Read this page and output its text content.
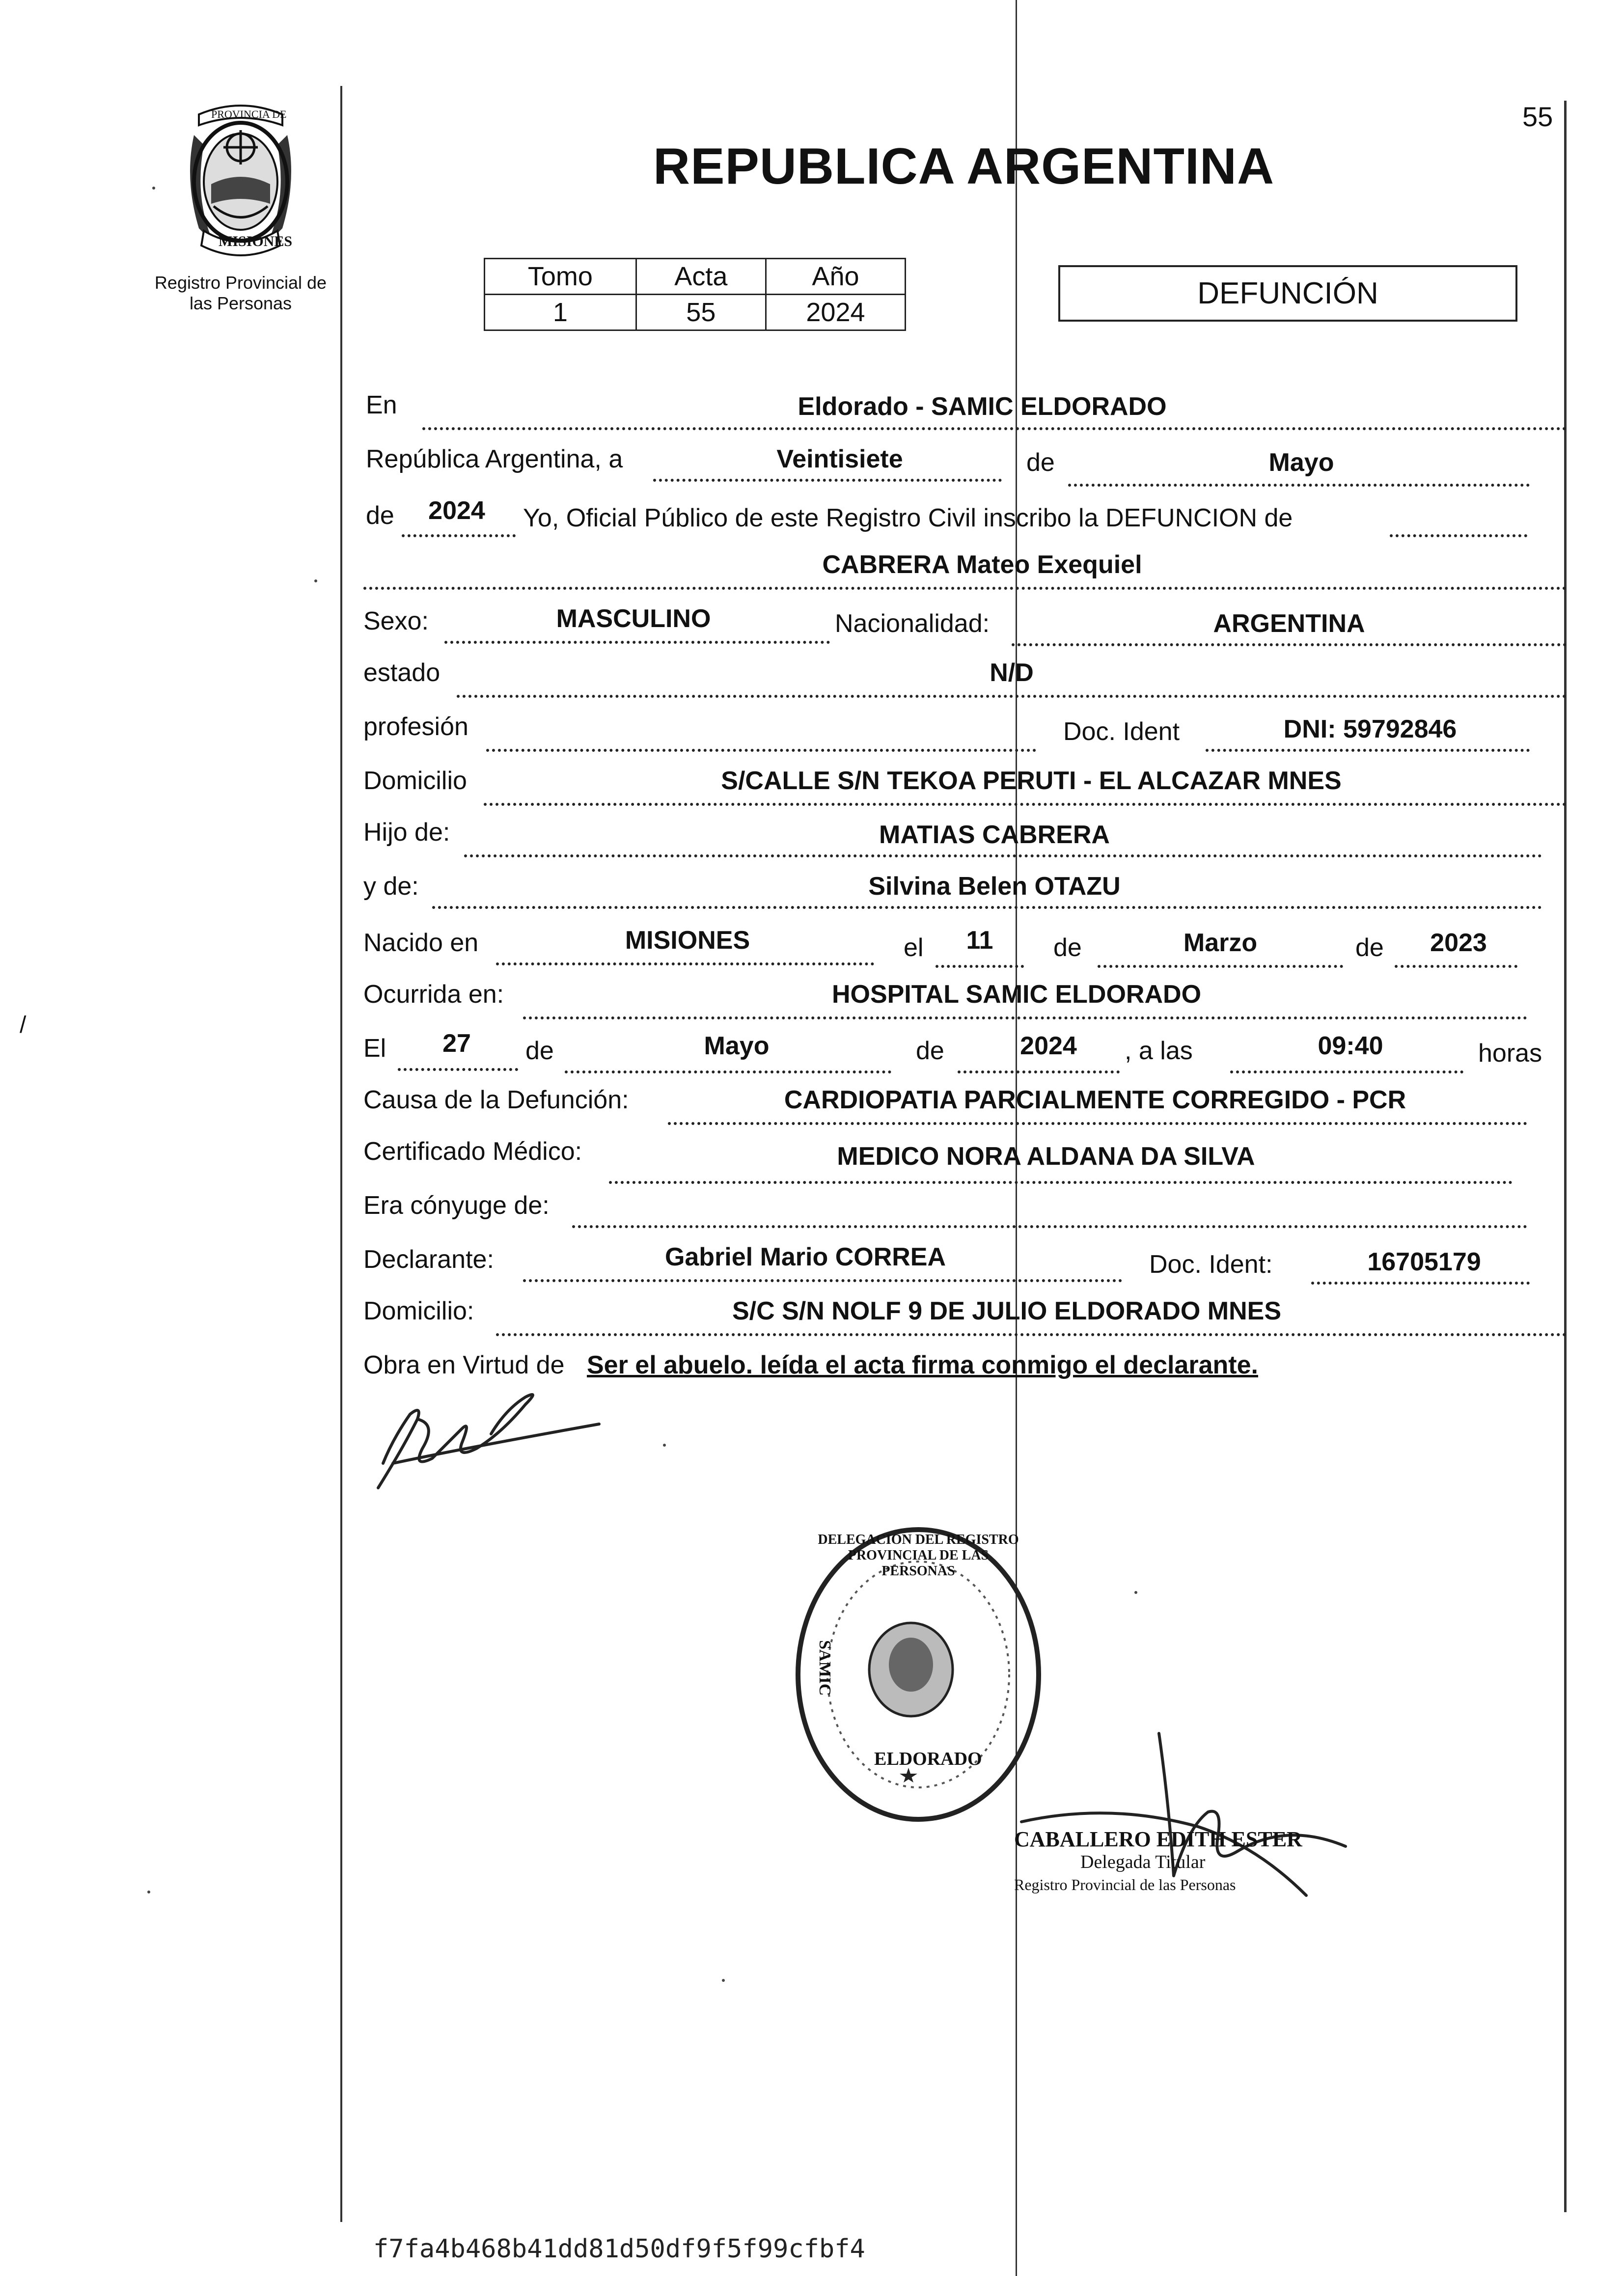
PROVINCIA DE
MISIONES
Registro Provincial de
las Personas
REPUBLICA ARGENTINA
55
Tomo	Acta	Año
1	55	2024
DEFUNCIÓN
En	Eldorado - SAMIC ELDORADO
República Argentina, a	Veintisiete	de	Mayo
de	2024	Yo, Oficial Público de este Registro Civil inscribo la DEFUNCION de
CABRERA Mateo Exequiel
Sexo:	MASCULINO	Nacionalidad:	ARGENTINA
estado	N/D
profesión	Doc. Ident	DNI: 59792846
Domicilio	S/CALLE S/N TEKOA PERUTI - EL ALCAZAR MNES
Hijo de:	MATIAS CABRERA
y de:	Silvina Belen OTAZU
Nacido en	MISIONES	el	11	de	Marzo	de	2023
Ocurrida en:	HOSPITAL SAMIC ELDORADO
El	27	de	Mayo	de	2024	, a las	09:40	horas
Causa de la Defunción:	CARDIOPATIA PARCIALMENTE CORREGIDO - PCR
Certificado Médico:	MEDICO NORA ALDANA DA SILVA
Era cónyuge de:
Declarante:	Gabriel Mario CORREA	Doc. Ident:	16705179
Domicilio:	S/C S/N NOLF 9 DE JULIO ELDORADO MNES
Obra en Virtud de Ser el abuelo. leída el acta firma conmigo el declarante.
DELEGACION DEL REGISTRO PROVINCIAL DE LAS PERSONAS
SAMIC
ELDORADO
CABALLERO EDITH ESTER
Delegada Titular
Registro Provincial de las Personas
/
f7fa4b468b41dd81d50df9f5f99cfbf4
